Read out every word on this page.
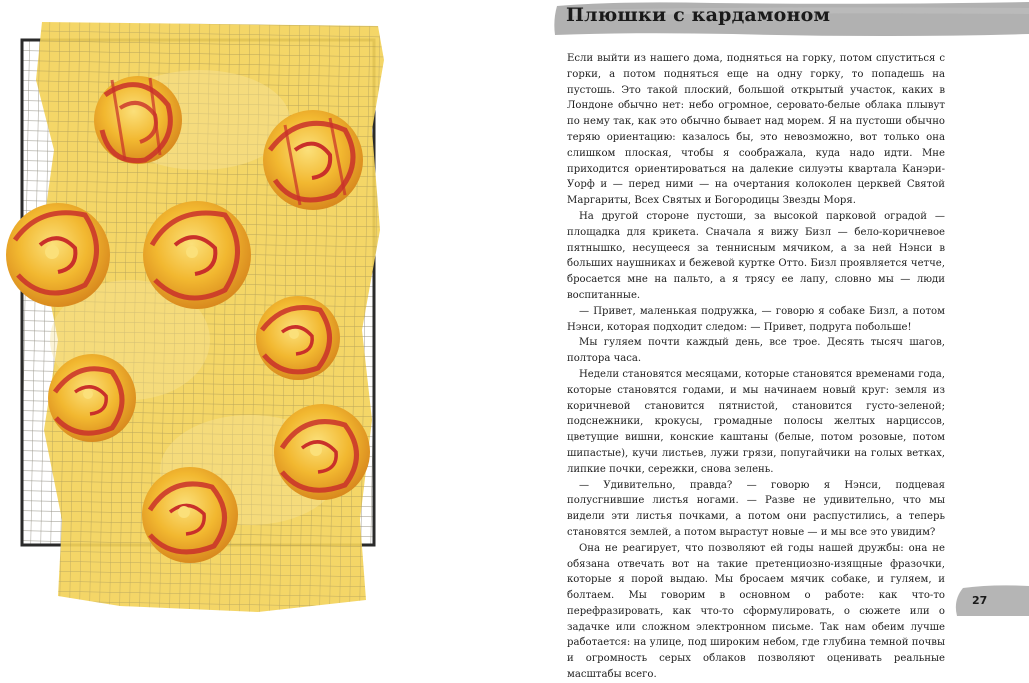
Плюшки с кардамоном
Если выйти из нашего дома, подняться на горку, потом спуститься с горки, а потом подняться еще на одну горку, то попадешь на пустошь. Это такой плоский, большой открытый участок, каких в Лондоне обычно нет: небо огромное, серовато-белые облака плывут по нему так, как это обычно бывает над морем. Я на пустоши обычно теряю ориентацию: казалось бы, это невозможно, вот только она слишком плоская, чтобы я соображала, куда надо идти. Мне приходится ориентироваться на далекие силуэты квартала Канэри-Уорф и — перед ними — на очертания колоколен церквей Святой Маргариты, Всех Святых и Богородицы Звезды Моря.
На другой стороне пустоши, за высокой парковой оградой — площадка для крикета. Сначала я вижу Бизл — бело-коричневое пятнышко, несущееся за теннисным мячиком, а за ней Нэнси в больших наушниках и бежевой куртке Отто. Бизл проявляется четче, бросается мне на пальто, а я трясу ее лапу, словно мы — люди воспитанные.
— Привет, маленькая подружка, — говорю я собаке Бизл, а потом Нэнси, которая подходит следом: — Привет, подруга побольше!
Мы гуляем почти каждый день, все трое. Десять тысяч шагов, полтора часа.
Недели становятся месяцами, которые становятся временами года, которые становятся годами, и мы начинаем новый круг: земля из коричневой становится пятнистой, становится густо-зеленой; подснежники, крокусы, громадные полосы желтых нарциссов, цветущие вишни, конские каштаны (белые, потом розовые, потом шипастые), кучи листьев, лужи грязи, попугайчики на голых ветках, липкие почки, сережки, снова зелень.
— Удивительно, правда? — говорю я Нэнси, подцевая полусгнившие листья ногами. — Разве не удивительно, что мы видели эти листья почками, а потом они распустились, а теперь становятся землей, а потом вырастут новые — и мы все это увидим?
Она не реагирует, что позволяют ей годы нашей дружбы: она не обязана отвечать вот на такие претенциозно-изящные фразочки, которые я порой выдаю. Мы бросаем мячик собаке, и гуляем, и болтаем. Мы говорим в основном о работе: как что-то перефразировать, как что-то сформулировать, о сюжете или о задачке или сложном электронном письме. Так нам обеим лучше работается: на улице, под широким небом, где глубина темной почвы и огромность серых облаков позволяют оценивать реальные масштабы всего.
27
